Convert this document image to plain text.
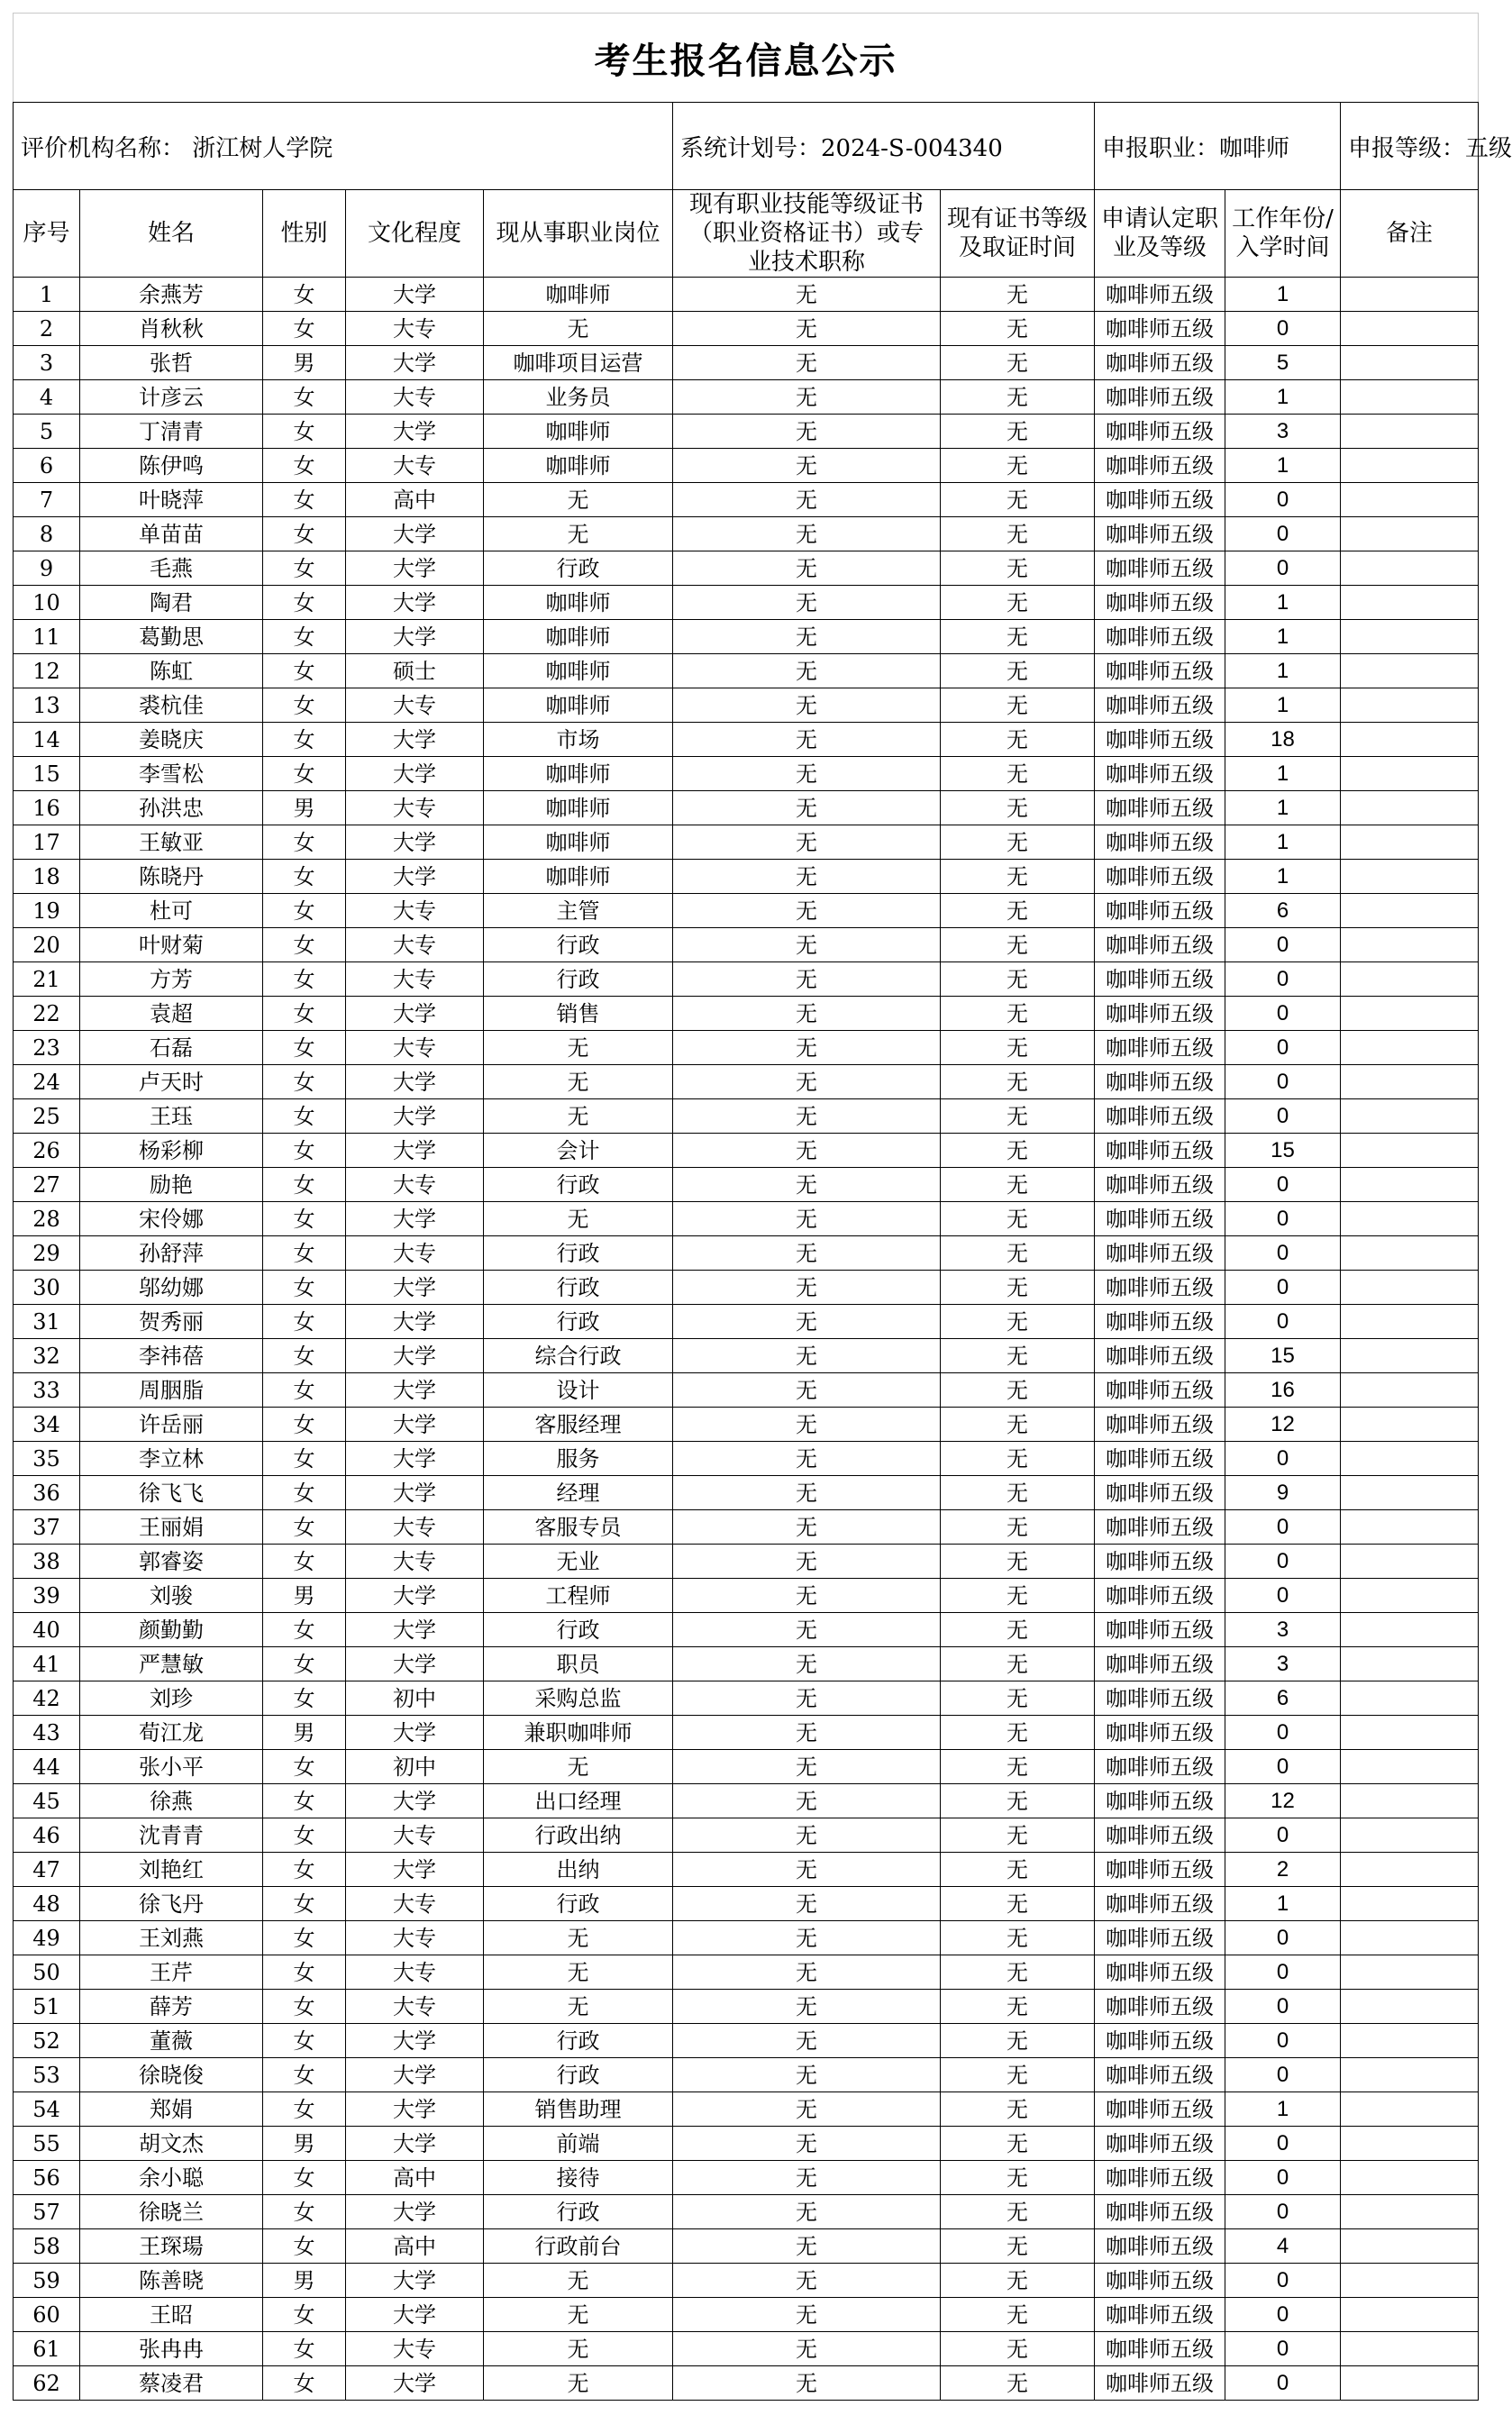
考生报名信息公示									
评价机构名称： 浙江树人学院					系统计划号：2024-S-004340		申报职业：咖啡师		申报等级：五级
序号	姓名	性别	文化程度	现从事职业岗位	现有职业技能等级证书（职业资格证书）或专业技术职称	现有证书等级及取证时间	申请认定职业及等级	工作年份/入学时间	备注
1	余燕芳	女	大学	咖啡师	无	无	咖啡师五级	1	
2	肖秋秋	女	大专	无	无	无	咖啡师五级	0	
3	张哲	男	大学	咖啡项目运营	无	无	咖啡师五级	5	
4	计彦云	女	大专	业务员	无	无	咖啡师五级	1	
5	丁清青	女	大学	咖啡师	无	无	咖啡师五级	3	
6	陈伊鸣	女	大专	咖啡师	无	无	咖啡师五级	1	
7	叶晓萍	女	高中	无	无	无	咖啡师五级	0	
8	单苗苗	女	大学	无	无	无	咖啡师五级	0	
9	毛燕	女	大学	行政	无	无	咖啡师五级	0	
10	陶君	女	大学	咖啡师	无	无	咖啡师五级	1	
11	葛勤思	女	大学	咖啡师	无	无	咖啡师五级	1	
12	陈虹	女	硕士	咖啡师	无	无	咖啡师五级	1	
13	裘杭佳	女	大专	咖啡师	无	无	咖啡师五级	1	
14	姜晓庆	女	大学	市场	无	无	咖啡师五级	18	
15	李雪松	女	大学	咖啡师	无	无	咖啡师五级	1	
16	孙洪忠	男	大专	咖啡师	无	无	咖啡师五级	1	
17	王敏亚	女	大学	咖啡师	无	无	咖啡师五级	1	
18	陈晓丹	女	大学	咖啡师	无	无	咖啡师五级	1	
19	杜可	女	大专	主管	无	无	咖啡师五级	6	
20	叶财菊	女	大专	行政	无	无	咖啡师五级	0	
21	方芳	女	大专	行政	无	无	咖啡师五级	0	
22	袁超	女	大学	销售	无	无	咖啡师五级	0	
23	石磊	女	大专	无	无	无	咖啡师五级	0	
24	卢天时	女	大学	无	无	无	咖啡师五级	0	
25	王珏	女	大学	无	无	无	咖啡师五级	0	
26	杨彩柳	女	大学	会计	无	无	咖啡师五级	15	
27	励艳	女	大专	行政	无	无	咖啡师五级	0	
28	宋伶娜	女	大学	无	无	无	咖啡师五级	0	
29	孙舒萍	女	大专	行政	无	无	咖啡师五级	0	
30	邬幼娜	女	大学	行政	无	无	咖啡师五级	0	
31	贺秀丽	女	大学	行政	无	无	咖啡师五级	0	
32	李祎蓓	女	大学	综合行政	无	无	咖啡师五级	15	
33	周胭脂	女	大学	设计	无	无	咖啡师五级	16	
34	许岳丽	女	大学	客服经理	无	无	咖啡师五级	12	
35	李立林	女	大学	服务	无	无	咖啡师五级	0	
36	徐飞飞	女	大学	经理	无	无	咖啡师五级	9	
37	王丽娟	女	大专	客服专员	无	无	咖啡师五级	0	
38	郭睿姿	女	大专	无业	无	无	咖啡师五级	0	
39	刘骏	男	大学	工程师	无	无	咖啡师五级	0	
40	颜勤勤	女	大学	行政	无	无	咖啡师五级	3	
41	严慧敏	女	大学	职员	无	无	咖啡师五级	3	
42	刘珍	女	初中	采购总监	无	无	咖啡师五级	6	
43	荀江龙	男	大学	兼职咖啡师	无	无	咖啡师五级	0	
44	张小平	女	初中	无	无	无	咖啡师五级	0	
45	徐燕	女	大学	出口经理	无	无	咖啡师五级	12	
46	沈青青	女	大专	行政出纳	无	无	咖啡师五级	0	
47	刘艳红	女	大学	出纳	无	无	咖啡师五级	2	
48	徐飞丹	女	大专	行政	无	无	咖啡师五级	1	
49	王刘燕	女	大专	无	无	无	咖啡师五级	0	
50	王芹	女	大专	无	无	无	咖啡师五级	0	
51	薛芳	女	大专	无	无	无	咖啡师五级	0	
52	董薇	女	大学	行政	无	无	咖啡师五级	0	
53	徐晓俊	女	大学	行政	无	无	咖啡师五级	0	
54	郑娟	女	大学	销售助理	无	无	咖啡师五级	1	
55	胡文杰	男	大学	前端	无	无	咖啡师五级	0	
56	余小聪	女	高中	接待	无	无	咖啡师五级	0	
57	徐晓兰	女	大学	行政	无	无	咖啡师五级	0	
58	王琛瑒	女	高中	行政前台	无	无	咖啡师五级	4	
59	陈善晓	男	大学	无	无	无	咖啡师五级	0	
60	王昭	女	大学	无	无	无	咖啡师五级	0	
61	张冉冉	女	大专	无	无	无	咖啡师五级	0	
62	蔡凌君	女	大学	无	无	无	咖啡师五级	0	
